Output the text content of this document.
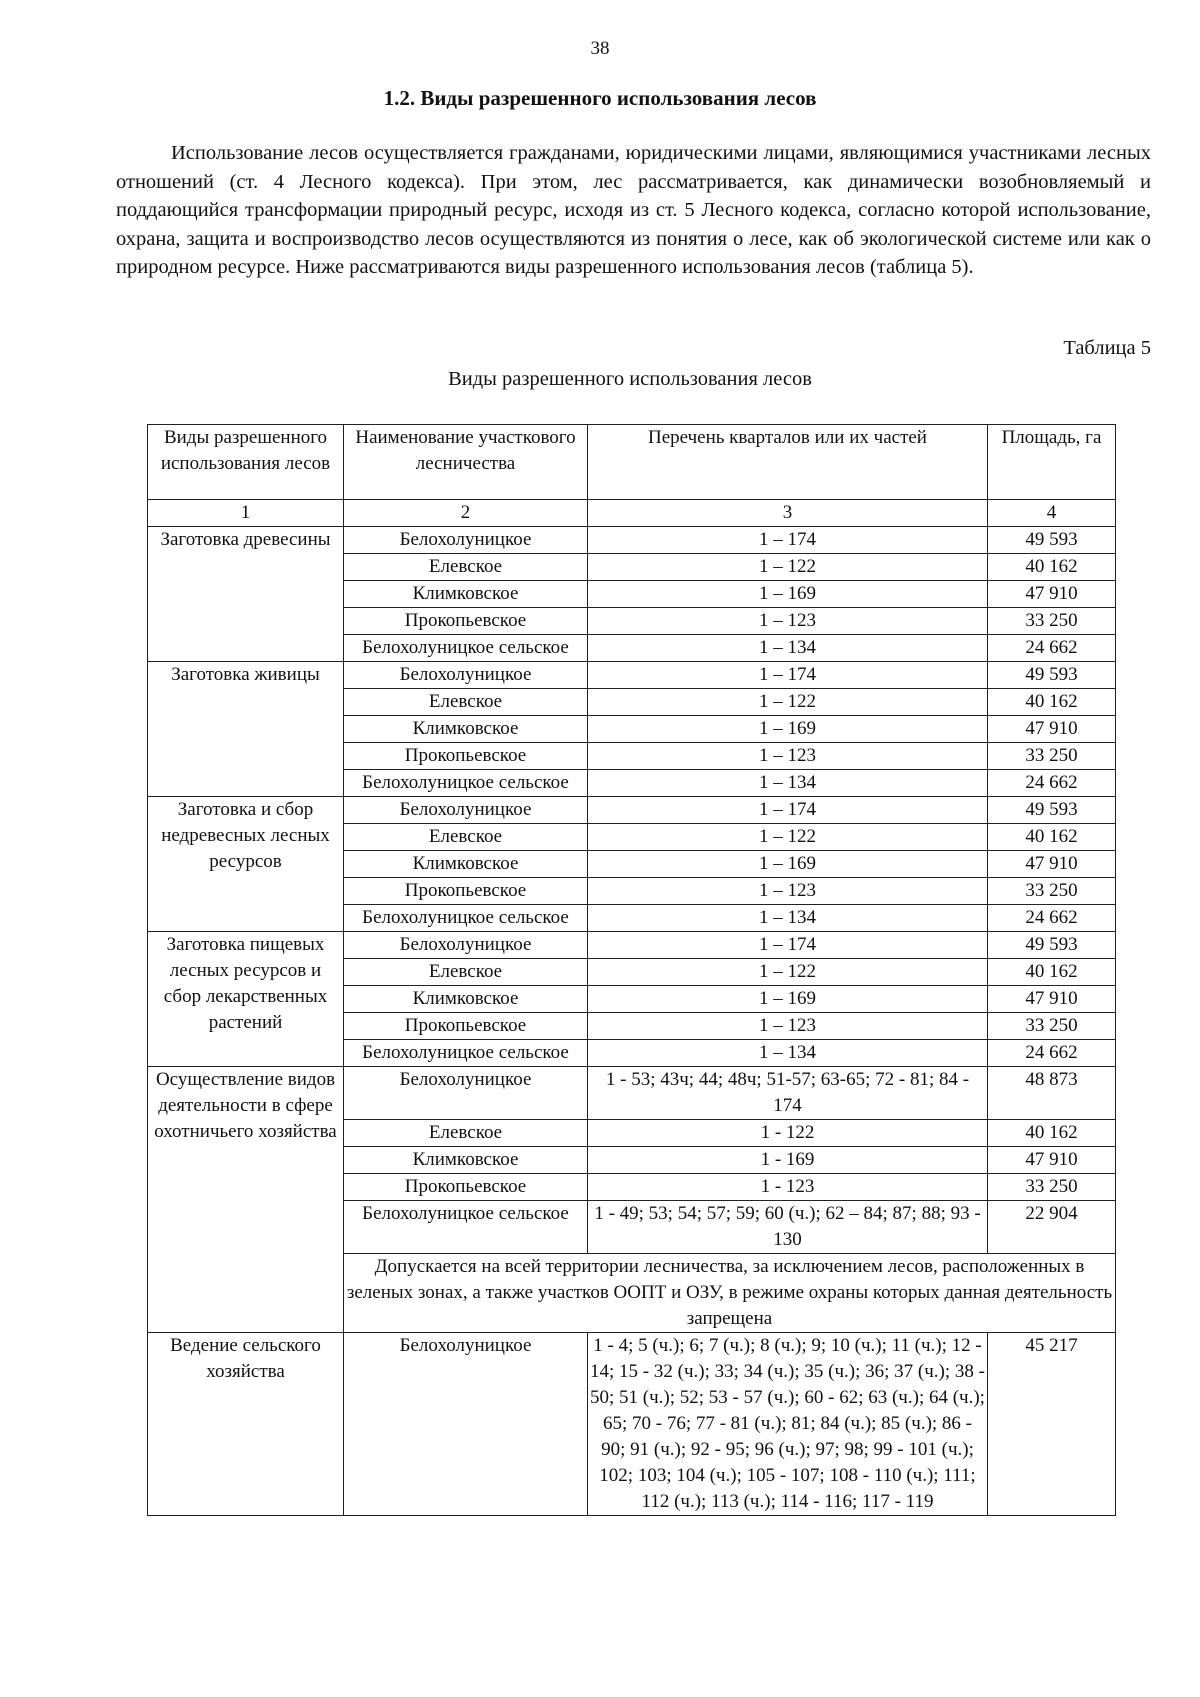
38
1.2. Виды разрешенного использования лесов

Использование лесов осуществляется гражданами, юридическими лицами, являющимися участниками лесных отношений (ст. 4 Лесного кодекса). При этом, лес рассматривается, как динамически возобновляемый и поддающийся трансформации природный ресурс, исходя из ст. 5 Лесного кодекса, согласно которой использование, охрана, защита и воспроизводство лесов осуществляются из понятия о лесе, как об экологической системе или как о природном ресурсе. Ниже рассматриваются виды разрешенного использования лесов (таблица 5).

Таблица 5
Виды разрешенного использования лесов
Виды разрешенного использования лесов	Наименование участкового лесничества	Перечень кварталов или их частей	Площадь, га
1	2	3	4
Заготовка древесины	Белохолуницкое	1 – 174	49 593
	Елевское	1 – 122	40 162
	Климковское	1 – 169	47 910
	Прокопьевское	1 – 123	33 250
	Белохолуницкое сельское	1 – 134	24 662
Заготовка живицы	Белохолуницкое	1 – 174	49 593
	Елевское	1 – 122	40 162
	Климковское	1 – 169	47 910
	Прокопьевское	1 – 123	33 250
	Белохолуницкое сельское	1 – 134	24 662
Заготовка и сбор недревесных лесных ресурсов	Белохолуницкое	1 – 174	49 593
	Елевское	1 – 122	40 162
	Климковское	1 – 169	47 910
	Прокопьевское	1 – 123	33 250
	Белохолуницкое сельское	1 – 134	24 662
Заготовка пищевых лесных ресурсов и сбор лекарственных растений	Белохолуницкое	1 – 174	49 593
	Елевское	1 – 122	40 162
	Климковское	1 – 169	47 910
	Прокопьевское	1 – 123	33 250
	Белохолуницкое сельское	1 – 134	24 662
Осуществление видов деятельности в сфере охотничьего хозяйства	Белохолуницкое	1 - 53; 43ч; 44; 48ч; 51-57; 63-65; 72 - 81; 84 - 174	48 873
	Елевское	1 - 122	40 162
	Климковское	1 - 169	47 910
	Прокопьевское	1 - 123	33 250
	Белохолуницкое сельское	1 - 49; 53; 54; 57; 59; 60 (ч.); 62 – 84; 87; 88; 93 - 130	22 904
	Допускается на всей территории лесничества, за исключением лесов, расположенных в зеленых зонах, а также участков ООПТ и ОЗУ, в режиме охраны которых данная деятельность запрещена		
Ведение сельского хозяйства	Белохолуницкое	1 - 4; 5 (ч.); 6; 7 (ч.); 8 (ч.); 9; 10 (ч.); 11 (ч.); 12 - 14; 15 - 32 (ч.); 33; 34 (ч.); 35 (ч.); 36; 37 (ч.); 38 - 50; 51 (ч.); 52; 53 - 57 (ч.); 60 - 62; 63 (ч.); 64 (ч.); 65; 70 - 76; 77 - 81 (ч.); 81; 84 (ч.); 85 (ч.); 86 - 90; 91 (ч.); 92 - 95; 96 (ч.); 97; 98; 99 - 101 (ч.); 102; 103; 104 (ч.); 105 - 107; 108 - 110 (ч.); 111; 112 (ч.); 113 (ч.); 114 - 116; 117 - 119	45 217
